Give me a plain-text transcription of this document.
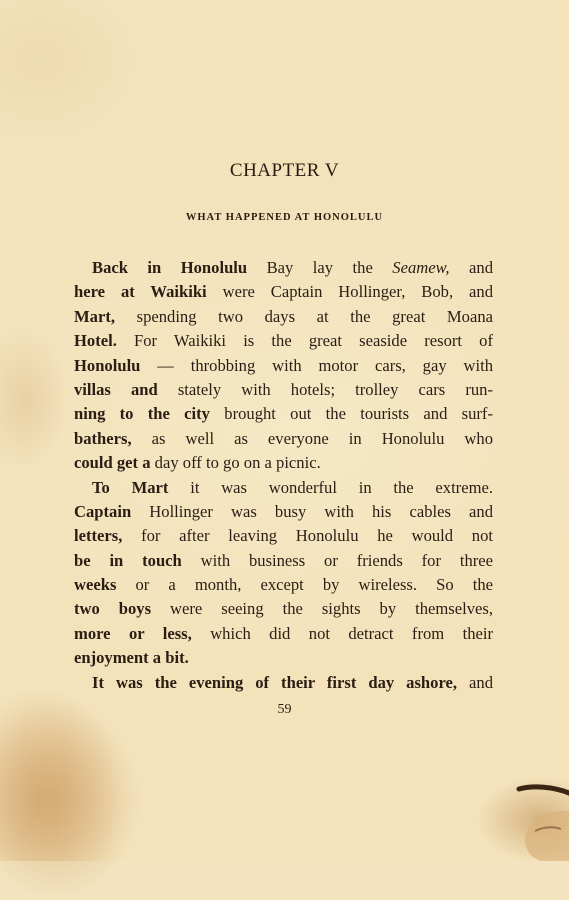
CHAPTER V
WHAT HAPPENED AT HONOLULU
Back in Honolulu Bay lay the Seamew, and
here at Waikiki were Captain Hollinger, Bob, and
Mart, spending two days at the great Moana
Hotel. For Waikiki is the great seaside resort of
Honolulu — throbbing with motor cars, gay with
villas and stately with hotels; trolley cars run-
ning to the city brought out the tourists and surf-
bathers, as well as everyone in Honolulu who
could get a day off to go on a picnic.
To Mart it was wonderful in the extreme.
Captain Hollinger was busy with his cables and
letters, for after leaving Honolulu he would not
be in touch with business or friends for three
weeks or a month, except by wireless. So the
two boys were seeing the sights by themselves,
more or less, which did not detract from their
enjoyment a bit.
It was the evening of their first day ashore, and
59
